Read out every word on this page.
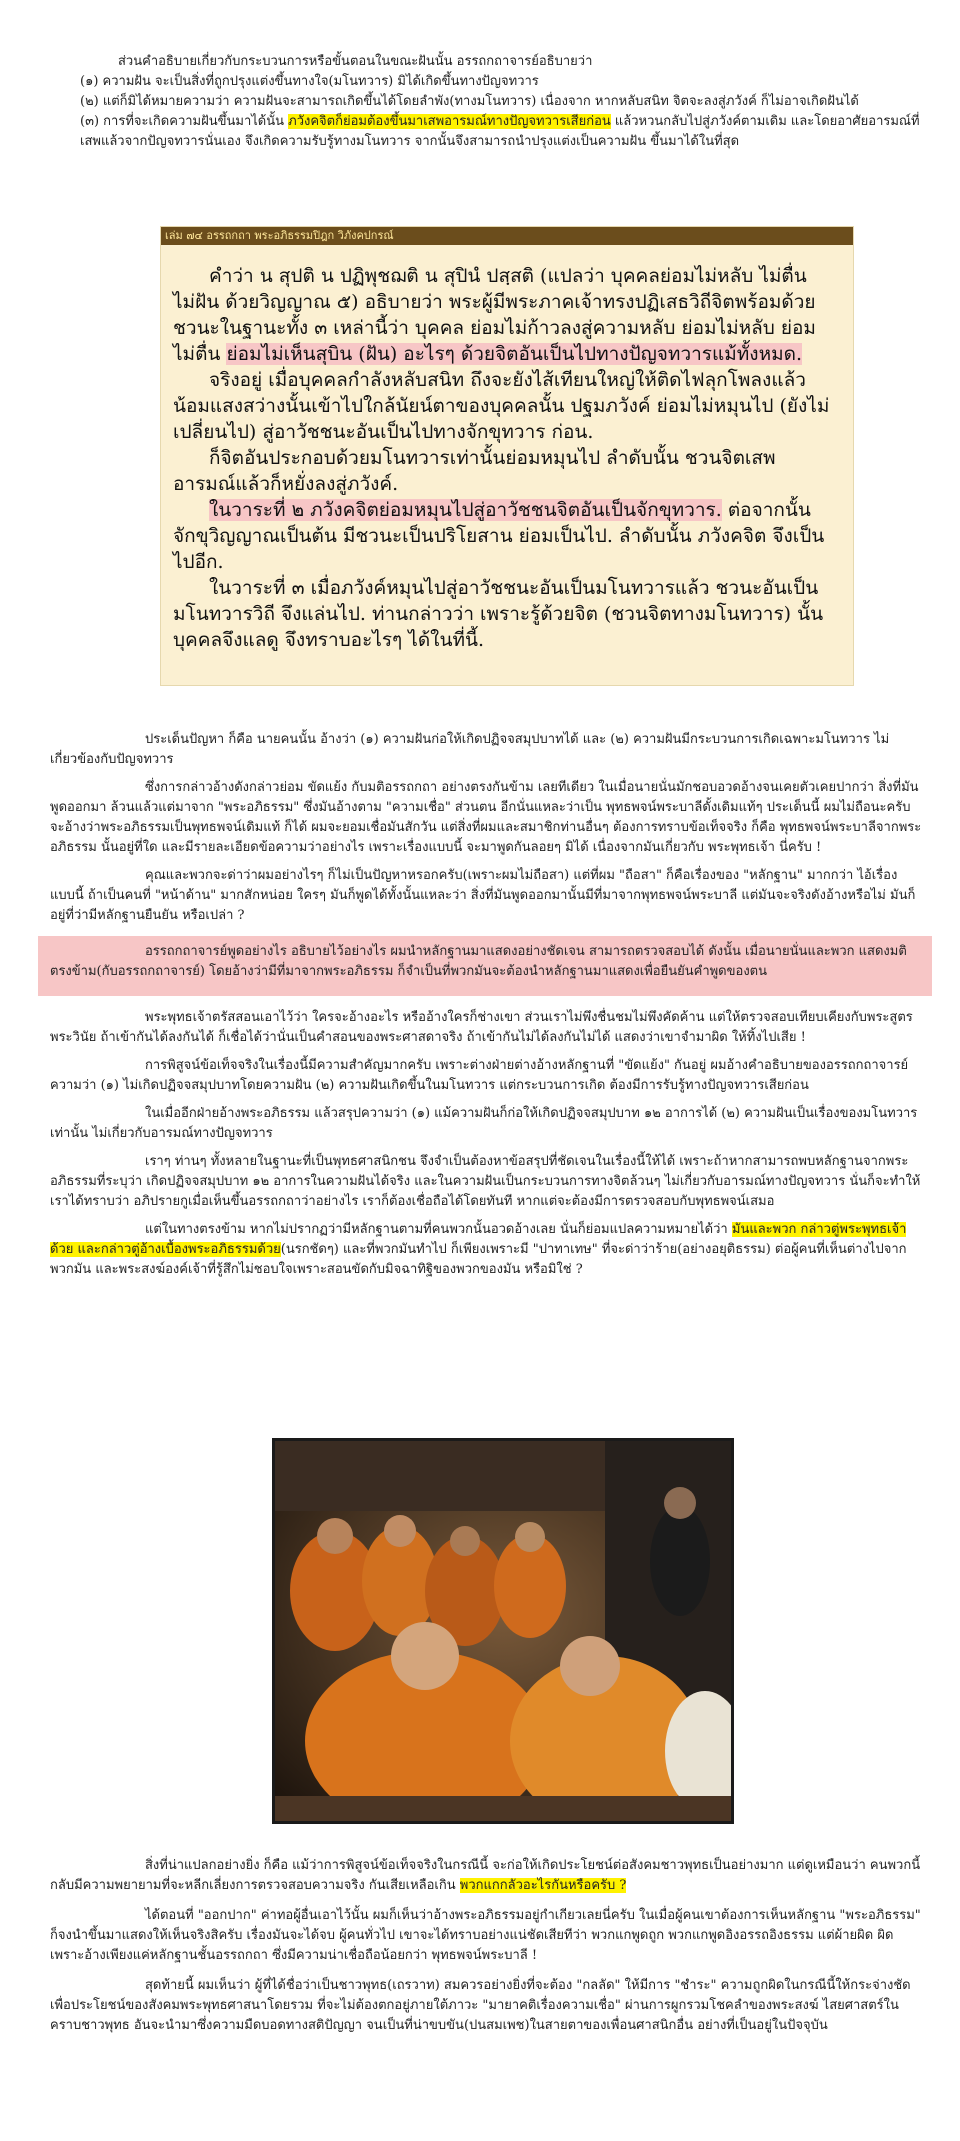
ส่วนคำอธิบายเกี่ยวกับกระบวนการหรือขั้นตอนในขณะฝันนั้น อรรถกถาจารย์อธิบายว่า

(๑) ความฝัน จะเป็นสิ่งที่ถูกปรุงแต่งขึ้นทางใจ(มโนทวาร) มิได้เกิดขึ้นทางปัญจทวาร

(๒) แต่ก็มิได้หมายความว่า ความฝันจะสามารถเกิดขึ้นได้โดยลำพัง(ทางมโนทวาร) เนื่องจาก หากหลับสนิท จิตจะลงสู่ภวังค์ ก็ไม่อาจเกิดฝันได้

(๓) การที่จะเกิดความฝันขึ้นมาได้นั้น ภวังคจิตก็ย่อมต้องขึ้นมาเสพอารมณ์ทางปัญจทวารเสียก่อน แล้วหวนกลับไปสู่ภวังค์ตามเดิม และโดยอาศัยอารมณ์ที่เสพแล้วจากปัญจทวารนั่นเอง จึงเกิดความรับรู้ทางมโนทวาร จากนั้นจึงสามารถนำปรุงแต่งเป็นความฝัน ขึ้นมาได้ในที่สุด

เล่ม ๗๔ อรรถกถา พระอภิธรรมปิฎก วิภังคปกรณ์

คำว่า น สุปติ น ปฏิพุชฌติ น สุปินํ ปสฺสติ (แปลว่า บุคคลย่อมไม่หลับ ไม่ตื่น ไม่ฝัน ด้วยวิญญาณ ๕) อธิบายว่า พระผู้มีพระภาคเจ้าทรงปฏิเสธวิถีจิตพร้อมด้วยชวนะในฐานะทั้ง ๓ เหล่านี้ว่า บุคคล ย่อมไม่ก้าวลงสู่ความหลับ ย่อมไม่หลับ ย่อมไม่ตื่น ย่อมไม่เห็นสุบิน (ฝัน) อะไรๆ ด้วยจิตอันเป็นไปทางปัญจทวารแม้ทั้งหมด.

จริงอยู่ เมื่อบุคคลกำลังหลับสนิท ถึงจะยังไส้เทียนใหญ่ให้ติดไฟลุกโพลงแล้วน้อมแสงสว่างนั้นเข้าไปใกล้นัยน์ตาของบุคคลนั้น ปฐมภวังค์ ย่อมไม่หมุนไป (ยังไม่เปลี่ยนไป) สู่อาวัชชนะอันเป็นไปทางจักขุทวาร ก่อน.

ก็จิตอันประกอบด้วยมโนทวารเท่านั้นย่อมหมุนไป ลำดับนั้น ชวนจิตเสพอารมณ์แล้วก็หยั่งลงสู่ภวังค์.

ในวาระที่ ๒ ภวังคจิตย่อมหมุนไปสู่อาวัชชนจิตอันเป็นจักขุทวาร. ต่อจากนั้นจักขุวิญญาณเป็นต้น มีชวนะเป็นปริโยสาน ย่อมเป็นไป. ลำดับนั้น ภวังคจิต จึงเป็นไปอีก.

ในวาระที่ ๓ เมื่อภวังค์หมุนไปสู่อาวัชชนะอันเป็นมโนทวารแล้ว ชวนะอันเป็นมโนทวารวิถี จึงแล่นไป. ท่านกล่าวว่า เพราะรู้ด้วยจิต (ชวนจิตทางมโนทวาร) นั้น บุคคลจึงแลดู จึงทราบอะไรๆ ได้ในที่นี้.

ประเด็นปัญหา ก็คือ นายคนนั้น อ้างว่า (๑) ความฝันก่อให้เกิดปฏิจจสมุปบาทได้ และ (๒) ความฝันมีกระบวนการเกิดเฉพาะมโนทวาร ไม่เกี่ยวข้องกับปัญจทวาร

ซึ่งการกล่าวอ้างดังกล่าวย่อม ขัดแย้ง กับมติอรรถกถา อย่างตรงกันข้าม เลยทีเดียว ในเมื่อนายนั่นมักชอบอวดอ้างจนเคยตัวเคยปากว่า สิ่งที่มันพูดออกมา ล้วนแล้วแต่มาจาก "พระอภิธรรม" ซึ่งมันอ้างตาม "ความเชื่อ" ส่วนตน อีกนั่นแหละว่าเป็น พุทธพจน์พระบาลีดั้งเดิมแท้ๆ ประเด็นนี้ ผมไม่ถือนะครับ จะอ้างว่าพระอภิธรรมเป็นพุทธพจน์เดิมแท้ ก็ได้ ผมจะยอมเชื่อมันสักวัน แต่สิ่งที่ผมและสมาชิกท่านอื่นๆ ต้องการทราบข้อเท็จจริง ก็คือ พุทธพจน์พระบาลีจากพระอภิธรรม นั้นอยู่ที่ใด และมีรายละเอียดข้อความว่าอย่างไร เพราะเรื่องแบบนี้ จะมาพูดกันลอยๆ มิได้ เนื่องจากมันเกี่ยวกับ พระพุทธเจ้า นี่ครับ !

คุณและพวกจะด่าว่าผมอย่างไรๆ ก็ไม่เป็นปัญหาหรอกครับ(เพราะผมไม่ถือสา) แต่ที่ผม "ถือสา" ก็คือเรื่องของ "หลักฐาน" มากกว่า ไอ้เรื่องแบบนี้ ถ้าเป็นคนที่ "หน้าด้าน" มากสักหน่อย ใครๆ มันก็พูดได้ทั้งนั้นแหละว่า สิ่งที่มันพูดออกมานั้นมีที่มาจากพุทธพจน์พระบาลี แต่มันจะจริงดังอ้างหรือไม่ มันก็อยู่ที่ว่ามีหลักฐานยืนยัน หรือเปล่า ?

อรรถกถาจารย์พูดอย่างไร อธิบายไว้อย่างไร ผมนำหลักฐานมาแสดงอย่างชัดเจน สามารถตรวจสอบได้ ดังนั้น เมื่อนายนั่นและพวก แสดงมติตรงข้าม(กับอรรถกถาจารย์) โดยอ้างว่ามีที่มาจากพระอภิธรรม ก็จำเป็นที่พวกมันจะต้องนำหลักฐานมาแสดงเพื่อยืนยันคำพูดของตน

พระพุทธเจ้าตรัสสอนเอาไว้ว่า ใครจะอ้างอะไร หรืออ้างใครก็ช่างเขา ส่วนเราไม่พึงชื่นชมไม่พึงคัดค้าน แต่ให้ตรวจสอบเทียบเคียงกับพระสูตร พระวินัย ถ้าเข้ากันได้ลงกันได้ ก็เชื่อได้ว่านั่นเป็นคำสอนของพระศาสดาจริง ถ้าเข้ากันไม่ได้ลงกันไม่ได้ แสดงว่าเขาจำมาผิด ให้ทิ้งไปเสีย !

การพิสูจน์ข้อเท็จจริงในเรื่องนี้มีความสำคัญมากครับ เพราะต่างฝ่ายต่างอ้างหลักฐานที่ "ขัดแย้ง" กันอยู่ ผมอ้างคำอธิบายของอรรถกถาจารย์ ความว่า (๑) ไม่เกิดปฏิจจสมุปบาทโดยความฝัน (๒) ความฝันเกิดขึ้นในมโนทวาร แต่กระบวนการเกิด ต้องมีการรับรู้ทางปัญจทวารเสียก่อน

ในเมื่ออีกฝ่ายอ้างพระอภิธรรม แล้วสรุปความว่า (๑) แม้ความฝันก็ก่อให้เกิดปฏิจจสมุปบาท ๑๒ อาการได้ (๒) ความฝันเป็นเรื่องของมโนทวาร เท่านั้น ไม่เกี่ยวกับอารมณ์ทางปัญจทวาร

เราๆ ท่านๆ ทั้งหลายในฐานะที่เป็นพุทธศาสนิกชน จึงจำเป็นต้องหาข้อสรุปที่ชัดเจนในเรื่องนี้ให้ได้ เพราะถ้าหากสามารถพบหลักฐานจากพระอภิธรรมที่ระบุว่า เกิดปฏิจจสมุปบาท ๑๒ อาการในความฝันได้จริง และในความฝันเป็นกระบวนการทางจิตล้วนๆ ไม่เกี่ยวกับอารมณ์ทางปัญจทวาร นั่นก็จะทำให้เราได้ทราบว่า อภิปรายกูเมื่อเห็นขึ้นอรรถกถาว่าอย่างไร เราก็ต้องเชื่อถือได้โดยทันที หากแต่จะต้องมีการตรวจสอบกับพุทธพจน์เสมอ

แต่ในทางตรงข้าม หากไม่ปรากฏว่ามีหลักฐานตามที่คนพวกนั้นอวดอ้างเลย นั่นก็ย่อมแปลความหมายได้ว่า มันและพวก กล่าวตู่พระพุทธเจ้าด้วย และกล่าวตู่อ้างเบื้องพระอภิธรรมด้วย(นรกชัดๆ) และที่พวกมันทำไป ก็เพียงเพราะมี "ปาทาเทษ" ที่จะด่าว่าร้าย(อย่างอยุติธรรม) ต่อผู้คนที่เห็นต่างไปจากพวกมัน และพระสงฆ์องค์เจ้าที่รู้สึกไม่ชอบใจเพราะสอนขัดกับมิจฉาทิฐิของพวกของมัน หรือมิใช่ ?

สิ่งที่น่าแปลกอย่างยิ่ง ก็คือ แม้ว่าการพิสูจน์ข้อเท็จจริงในกรณีนี้ จะก่อให้เกิดประโยชน์ต่อสังคมชาวพุทธเป็นอย่างมาก แต่ดูเหมือนว่า คนพวกนี้กลับมีความพยายามที่จะหลีกเลี่ยงการตรวจสอบความจริง กันเสียเหลือเกิน พวกแกกลัวอะไรกันหรือครับ ?

ได้ตอนที่ "ออกปาก" ค่าทอผู้อื่นเอาไว้นั้น ผมก็เห็นว่าอ้างพระอภิธรรมอยู่กำเกียวเลยนี่ครับ ในเมื่อผู้คนเขาต้องการเห็นหลักฐาน "พระอภิธรรม" ก็จงนำขึ้นมาแสดงให้เห็นจริงสิครับ เรื่องมันจะได้จบ ผู้คนทั่วไป เขาจะได้ทราบอย่างแน่ชัดเสียทีว่า พวกแกพูดถูก พวกแกพูดอิงอรรถอิงธรรม แต่ผ้ายผิด ผิด เพราะอ้างเพียงแค่หลักฐานชั้นอรรถกถา ซึ่งมีความน่าเชื่อถือน้อยกว่า พุทธพจน์พระบาลี !

สุดท้ายนี้ ผมเห็นว่า ผู้ที่ได้ชื่อว่าเป็นชาวพุทธ(เถรวาท) สมควรอย่างยิ่งที่จะต้อง "กลลัด" ให้มีการ "ชำระ" ความถูกผิดในกรณีนี้ให้กระจ่างชัดเพื่อประโยชน์ของสังคมพระพุทธศาสนาโดยรวม ที่จะไม่ต้องตกอยู่ภายใต้ภาวะ "มายาคติเรื่องความเชื่อ" ผ่านการผูกรวมโชคลำของพระสงฆ์ ไสยศาสตร์ในคราบชาวพุทธ อันจะนำมาซึ่งความมืดบอดทางสติปัญญา จนเป็นที่น่าขบขัน(ปนสมเพช)ในสายตาของเพื่อนศาสนิกอื่น อย่างที่เป็นอยู่ในปัจจุบัน
